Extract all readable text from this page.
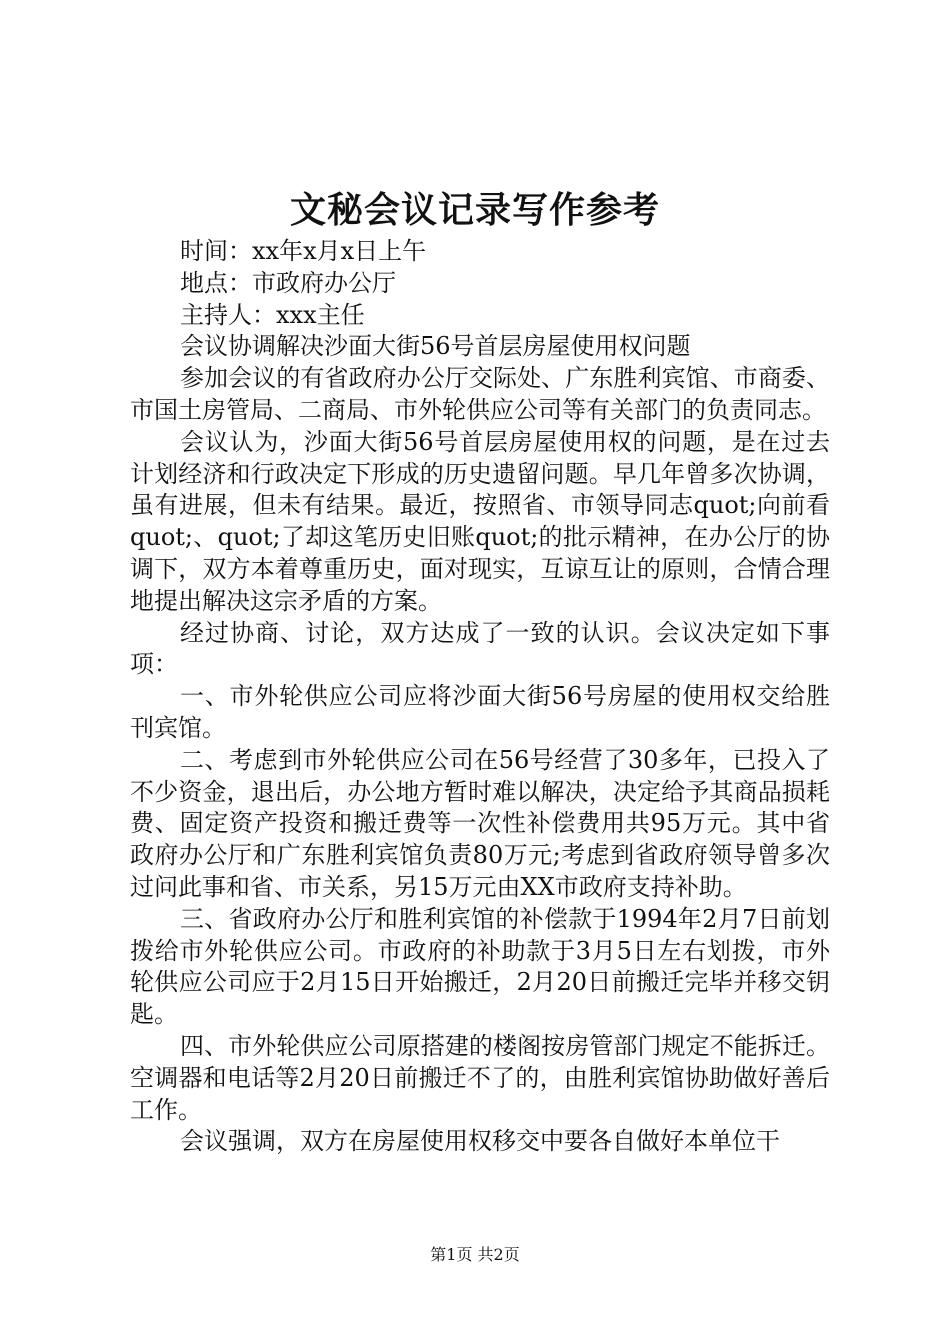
文秘会议记录写作参考

时间：xx年x月x日上午

地点：市政府办公厅

主持人：xxx主任

会议协调解决沙面大街56号首层房屋使用权问题

参加会议的有省政府办公厅交际处、广东胜利宾馆、市商委、市国土房管局、二商局、市外轮供应公司等有关部门的负责同志。

会议认为，沙面大街56号首层房屋使用权的问题，是在过去计划经济和行政决定下形成的历史遗留问题。早几年曾多次协调，虽有进展，但未有结果。最近，按照省、市领导同志quot;向前看quot;、quot;了却这笔历史旧账quot;的批示精神，在办公厅的协调下，双方本着尊重历史，面对现实，互谅互让的原则，合情合理地提出解决这宗矛盾的方案。

经过协商、讨论，双方达成了一致的认识。会议决定如下事项：

一、市外轮供应公司应将沙面大街56号房屋的使用权交给胜刊宾馆。

二、考虑到市外轮供应公司在56号经营了30多年，已投入了不少资金，退出后，办公地方暂时难以解决，决定给予其商品损耗费、固定资产投资和搬迁费等一次性补偿费用共95万元。其中省政府办公厅和广东胜利宾馆负责80万元;考虑到省政府领导曾多次过问此事和省、市关系，另15万元由XX市政府支持补助。

三、省政府办公厅和胜利宾馆的补偿款于1994年2月7日前划拨给市外轮供应公司。市政府的补助款于3月5日左右划拨，市外轮供应公司应于2月15日开始搬迁，2月20日前搬迁完毕并移交钥匙。

四、市外轮供应公司原搭建的楼阁按房管部门规定不能拆迁。空调器和电话等2月20日前搬迁不了的，由胜利宾馆协助做好善后工作。

会议强调，双方在房屋使用权移交中要各自做好本单位干

第1页 共2页
